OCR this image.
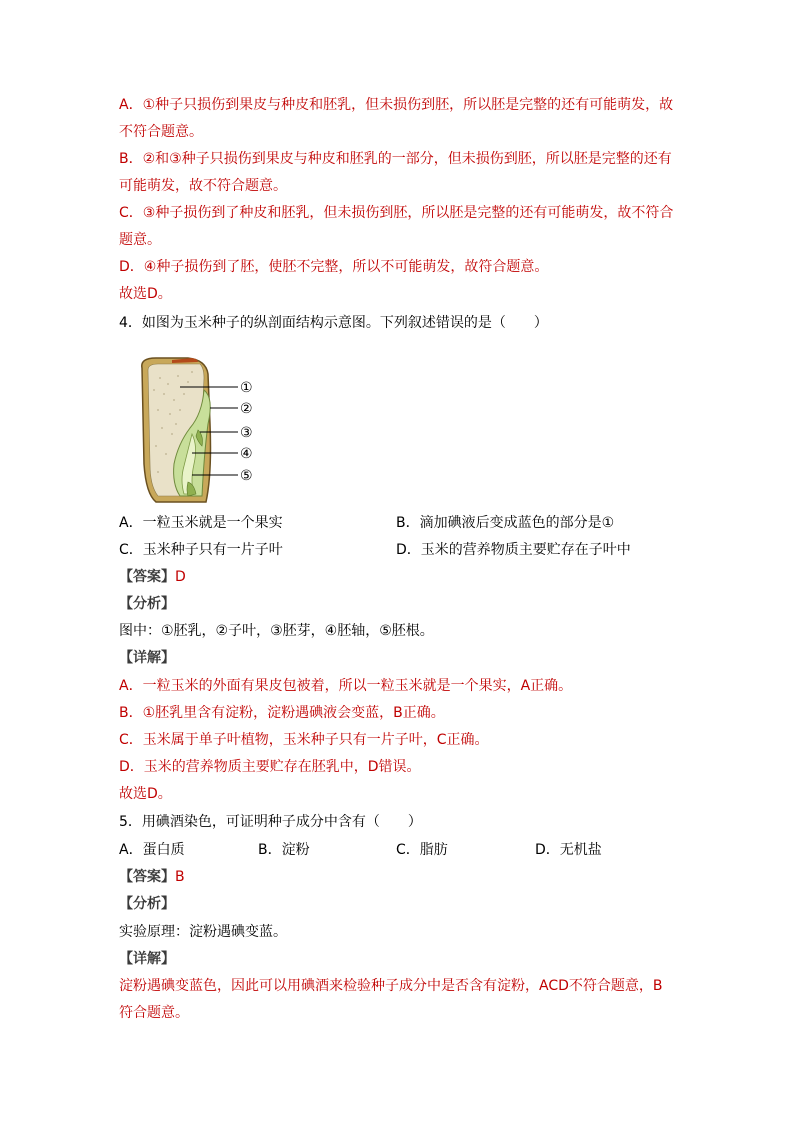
A．①种子只损伤到果皮与种皮和胚乳，但未损伤到胚，所以胚是完整的还有可能萌发，故
不符合题意。
B．②和③种子只损伤到果皮与种皮和胚乳的一部分，但未损伤到胚，所以胚是完整的还有
可能萌发，故不符合题意。
C．③种子损伤到了种皮和胚乳，但未损伤到胚，所以胚是完整的还有可能萌发，故不符合
题意。
D．④种子损伤到了胚，使胚不完整，所以不可能萌发，故符合题意。
故选D。
4．如图为玉米种子的纵剖面结构示意图。下列叙述错误的是（　　）
①
②
③
④
⑤
A．一粒玉米就是一个果实	B．滴加碘液后变成蓝色的部分是①
C．玉米种子只有一片子叶	D．玉米的营养物质主要贮存在子叶中
【答案】D
【分析】
图中：①胚乳，②子叶，③胚芽，④胚轴，⑤胚根。
【详解】
A．一粒玉米的外面有果皮包被着，所以一粒玉米就是一个果实，A正确。
B．①胚乳里含有淀粉，淀粉遇碘液会变蓝，B正确。
C．玉米属于单子叶植物，玉米种子只有一片子叶，C正确。
D．玉米的营养物质主要贮存在胚乳中，D错误。
故选D。
5．用碘酒染色，可证明种子成分中含有（　　）
A．蛋白质	B．淀粉	C．脂肪	D．无机盐
【答案】B
【分析】
实验原理：淀粉遇碘变蓝。
【详解】
淀粉遇碘变蓝色，因此可以用碘酒来检验种子成分中是否含有淀粉，ACD不符合题意，B
符合题意。
